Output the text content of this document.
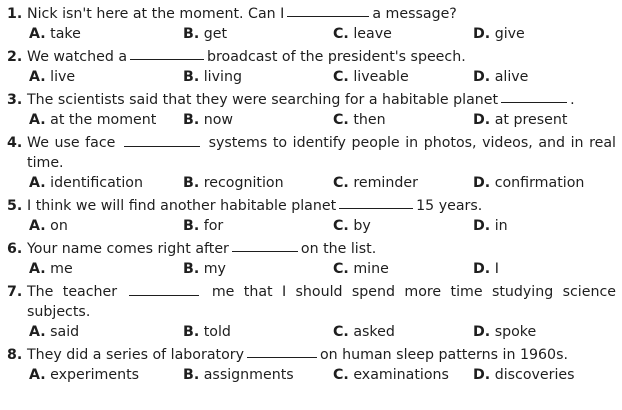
1. Nick isn't here at the moment. Can I	a message?
A. take	B. get	C. leave	D. give
2. We watched a	broadcast of the president's speech.
A. live	B. living	C. liveable	D. alive
3. The scientists said that they were searching for a habitable planet	.
A. at the moment	B. now	C. then	D. at present
4. We use face	systems to identify people in photos, videos, and in real time.
A. identification	B. recognition	C. reminder	D. confirmation
5. I think we will find another habitable planet	15 years.
A. on	B. for	C. by	D. in
6. Your name comes right after	on the list.
A. me	B. my	C. mine	D. I
7. The teacher	me that I should spend more time studying science subjects.
A. said	B. told	C. asked	D. spoke
8. They did a series of laboratory	on human sleep patterns in 1960s.
A. experiments	B. assignments	C. examinations	D. discoveries
